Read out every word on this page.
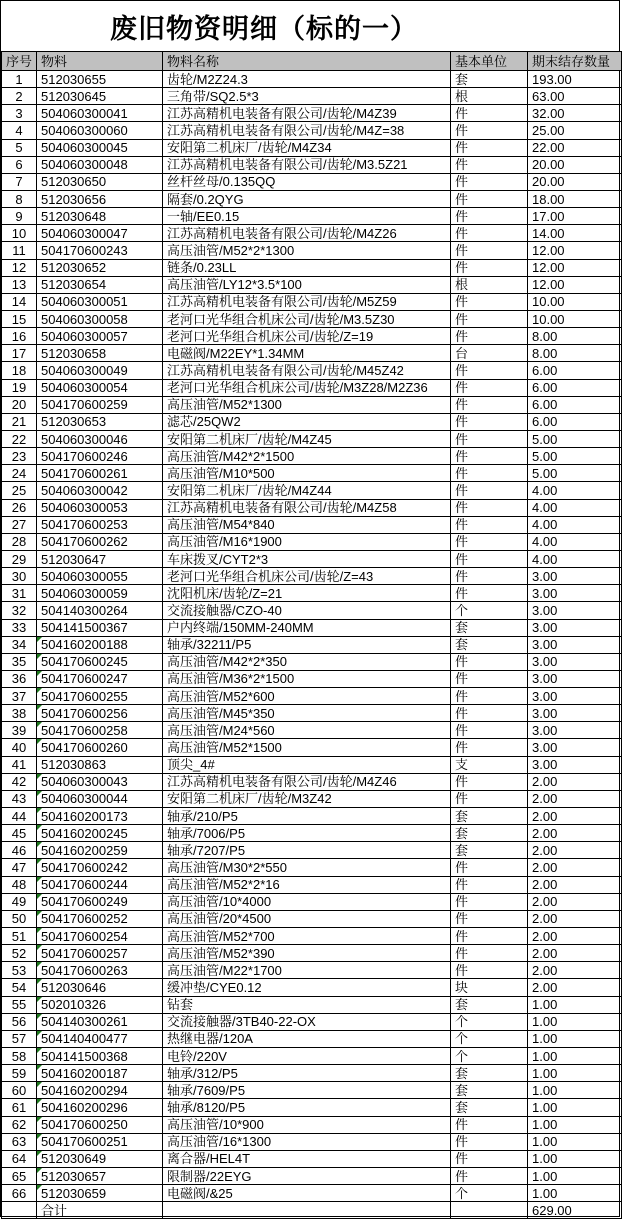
废旧物资明细（标的一）
序号	物料	物料名称	基本单位	期末结存数量
1	512030655	齿轮/M2Z24.3	套	193.00
2	512030645	三角带/SQ2.5*3	根	63.00
3	504060300041	江苏高精机电装备有限公司/齿轮/M4Z39	件	32.00
4	504060300060	江苏高精机电装备有限公司/齿轮/M4Z=38	件	25.00
5	504060300045	安阳第二机床厂/齿轮/M4Z34	件	22.00
6	504060300048	江苏高精机电装备有限公司/齿轮/M3.5Z21	件	20.00
7	512030650	丝杆丝母/0.135QQ	件	20.00
8	512030656	隔套/0.2QYG	件	18.00
9	512030648	一轴/EE0.15	件	17.00
10	504060300047	江苏高精机电装备有限公司/齿轮/M4Z26	件	14.00
11	504170600243	高压油管/M52*2*1300	件	12.00
12	512030652	链条/0.23LL	件	12.00
13	512030654	高压油管/LY12*3.5*100	根	12.00
14	504060300051	江苏高精机电装备有限公司/齿轮/M5Z59	件	10.00
15	504060300058	老河口光华组合机床公司/齿轮/M3.5Z30	件	10.00
16	504060300057	老河口光华组合机床公司/齿轮/Z=19	件	8.00
17	512030658	电磁阀/M22EY*1.34MM	台	8.00
18	504060300049	江苏高精机电装备有限公司/齿轮/M45Z42	件	6.00
19	504060300054	老河口光华组合机床公司/齿轮/M3Z28/M2Z36	件	6.00
20	504170600259	高压油管/M52*1300	件	6.00
21	512030653	滤芯/25QW2	件	6.00
22	504060300046	安阳第二机床厂/齿轮/M4Z45	件	5.00
23	504170600246	高压油管/M42*2*1500	件	5.00
24	504170600261	高压油管/M10*500	件	5.00
25	504060300042	安阳第二机床厂/齿轮/M4Z44	件	4.00
26	504060300053	江苏高精机电装备有限公司/齿轮/M4Z58	件	4.00
27	504170600253	高压油管/M54*840	件	4.00
28	504170600262	高压油管/M16*1900	件	4.00
29	512030647	车床拨叉/CYT2*3	件	4.00
30	504060300055	老河口光华组合机床公司/齿轮/Z=43	件	3.00
31	504060300059	沈阳机床/齿轮/Z=21	件	3.00
32	504140300264	交流接触器/CZO-40	个	3.00
33	504141500367	户内终端/150MM-240MM	套	3.00
34	504160200188	轴承/32211/P5	套	3.00
35	504170600245	高压油管/M42*2*350	件	3.00
36	504170600247	高压油管/M36*2*1500	件	3.00
37	504170600255	高压油管/M52*600	件	3.00
38	504170600256	高压油管/M45*350	件	3.00
39	504170600258	高压油管/M24*560	件	3.00
40	504170600260	高压油管/M52*1500	件	3.00
41	512030863	顶尖_4#	支	3.00
42	504060300043	江苏高精机电装备有限公司/齿轮/M4Z46	件	2.00
43	504060300044	安阳第二机床厂/齿轮/M3Z42	件	2.00
44	504160200173	轴承/210/P5	套	2.00
45	504160200245	轴承/7006/P5	套	2.00
46	504160200259	轴承/7207/P5	套	2.00
47	504170600242	高压油管/M30*2*550	件	2.00
48	504170600244	高压油管/M52*2*16	件	2.00
49	504170600249	高压油管/10*4000	件	2.00
50	504170600252	高压油管/20*4500	件	2.00
51	504170600254	高压油管/M52*700	件	2.00
52	504170600257	高压油管/M52*390	件	2.00
53	504170600263	高压油管/M22*1700	件	2.00
54	512030646	缓冲垫/CYE0.12	块	2.00
55	502010326	钻套	套	1.00
56	504140300261	交流接触器/3TB40-22-OX	个	1.00
57	504140400477	热继电器/120A	个	1.00
58	504141500368	电铃/220V	个	1.00
59	504160200187	轴承/312/P5	套	1.00
60	504160200294	轴承/7609/P5	套	1.00
61	504160200296	轴承/8120/P5	套	1.00
62	504170600250	高压油管/10*900	件	1.00
63	504170600251	高压油管/16*1300	件	1.00
64	512030649	离合器/HEL4T	件	1.00
65	512030657	限制器/22EYG	件	1.00
66	512030659	电磁阀/&25	个	1.00
	合计			629.00
